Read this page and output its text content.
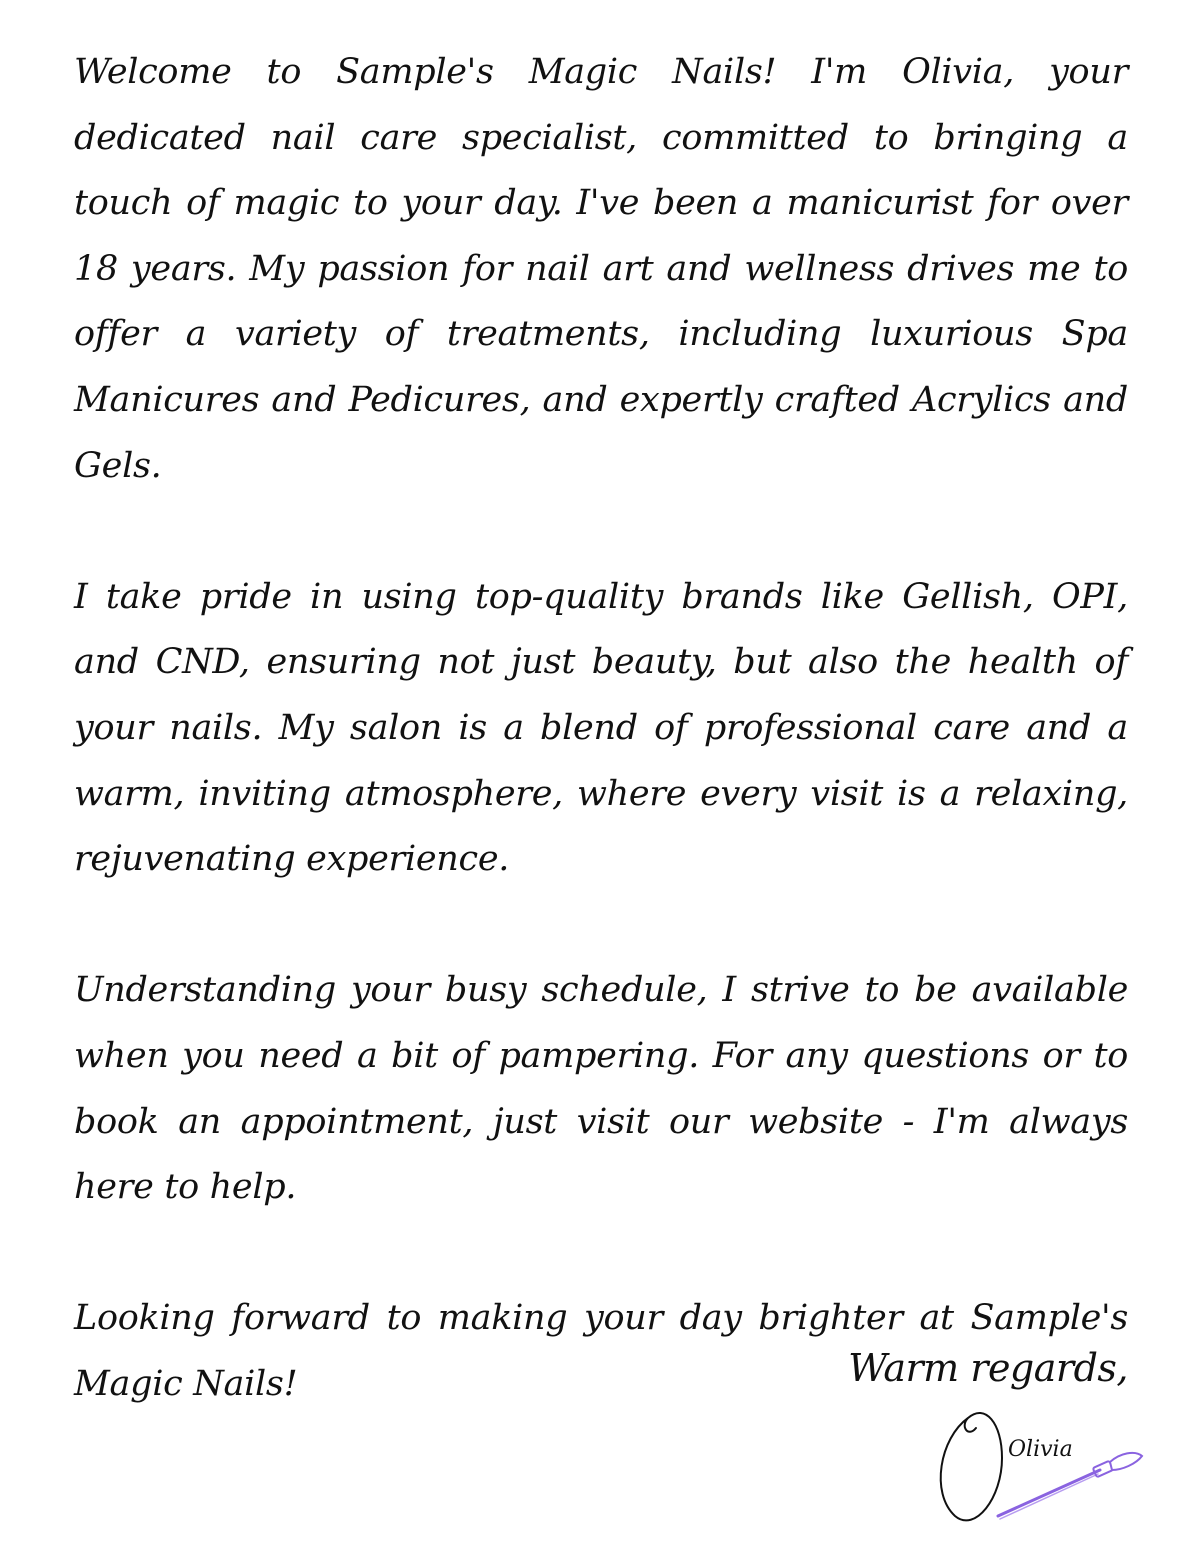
Welcome to Sample's Magic Nails! I'm Olivia, your dedicated nail care specialist, committed to bringing a touch of magic to your day. I've been a manicurist for over 18 years. My passion for nail art and wellness drives me to offer a variety of treatments, including luxurious Spa Manicures and Pedicures, and expertly crafted Acrylics and Gels.

I take pride in using top-quality brands like Gellish, OPI, and CND, ensuring not just beauty, but also the health of your nails. My salon is a blend of professional care and a warm, inviting atmosphere, where every visit is a relaxing, rejuvenating experience.

Understanding your busy schedule, I strive to be available when you need a bit of pampering. For any questions or to book an appointment, just visit our website - I'm always here to help.

Looking forward to making your day brighter at Sample's Magic Nails!	Warm regards,
Olivia
